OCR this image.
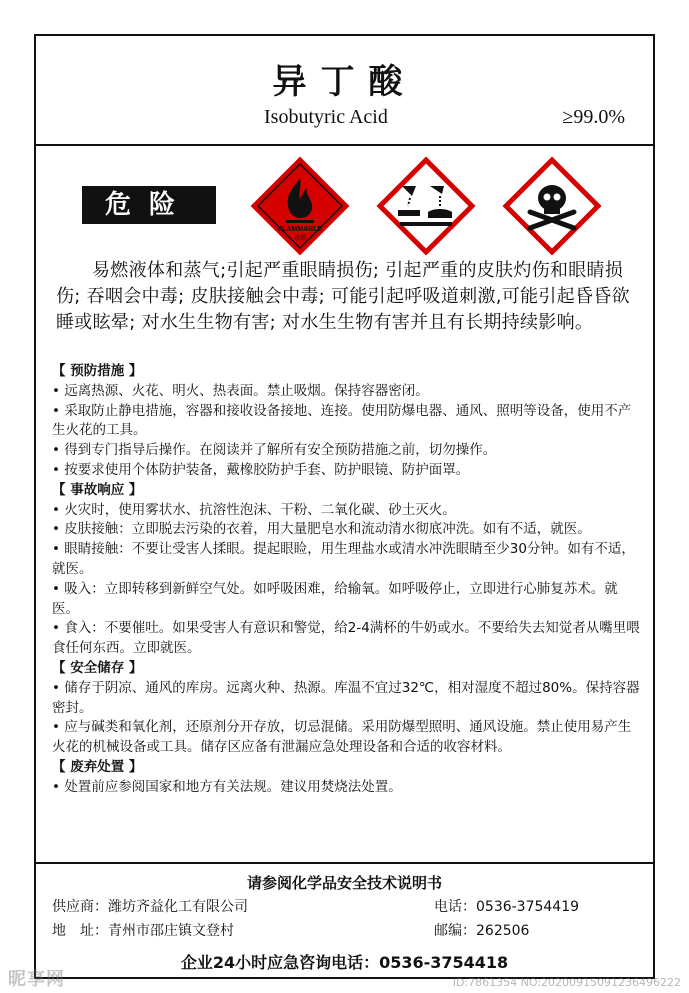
异丁酸
Isobutyric Acid	≥99.0%
危险
FLAMMABLE
易燃
易燃液体和蒸气;引起严重眼睛损伤; 引起严重的皮肤灼伤和眼睛损伤; 吞咽会中毒; 皮肤接触会中毒; 可能引起呼吸道刺激,可能引起昏昏欲睡或眩晕; 对水生生物有害; 对水生生物有害并且有长期持续影响。
【 预防措施 】

• 远离热源、火花、明火、热表面。禁止吸烟。保持容器密闭。

• 采取防止静电措施，容器和接收设备接地、连接。使用防爆电器、通风、照明等设备，使用不产生火花的工具。

• 得到专门指导后操作。在阅读并了解所有安全预防措施之前，切勿操作。

• 按要求使用个体防护装备，戴橡胶防护手套、防护眼镜、防护面罩。

【 事故响应 】

• 火灾时，使用雾状水、抗溶性泡沫、干粉、二氧化碳、砂土灭火。

• 皮肤接触：立即脱去污染的衣着，用大量肥皂水和流动清水彻底冲洗。如有不适，就医。

• 眼睛接触：不要让受害人揉眼。提起眼睑，用生理盐水或清水冲洗眼睛至少30分钟。如有不适，就医。

• 吸入：立即转移到新鲜空气处。如呼吸困难，给输氧。如呼吸停止，立即进行心肺复苏术。就医。

• 食入：不要催吐。如果受害人有意识和警觉，给2-4满杯的牛奶或水。不要给失去知觉者从嘴里喂食任何东西。立即就医。

【 安全储存 】

• 储存于阴凉、通风的库房。远离火种、热源。库温不宜过32℃，相对湿度不超过80%。保持容器密封。

• 应与碱类和氧化剂，还原剂分开存放，切忌混储。采用防爆型照明、通风设施。禁止使用易产生火花的机械设备或工具。储存区应备有泄漏应急处理设备和合适的收容材料。

【 废弃处置 】

• 处置前应参阅国家和地方有关法规。建议用焚烧法处置。

请参阅化学品安全技术说明书
供应商：潍坊齐益化工有限公司	电话：0536-3754419
地　址：青州市邵庄镇文登村	邮编：262506
企业24小时应急咨询电话：0536-3754418
昵享网	ID:7861354 NO:20200915091236496222
